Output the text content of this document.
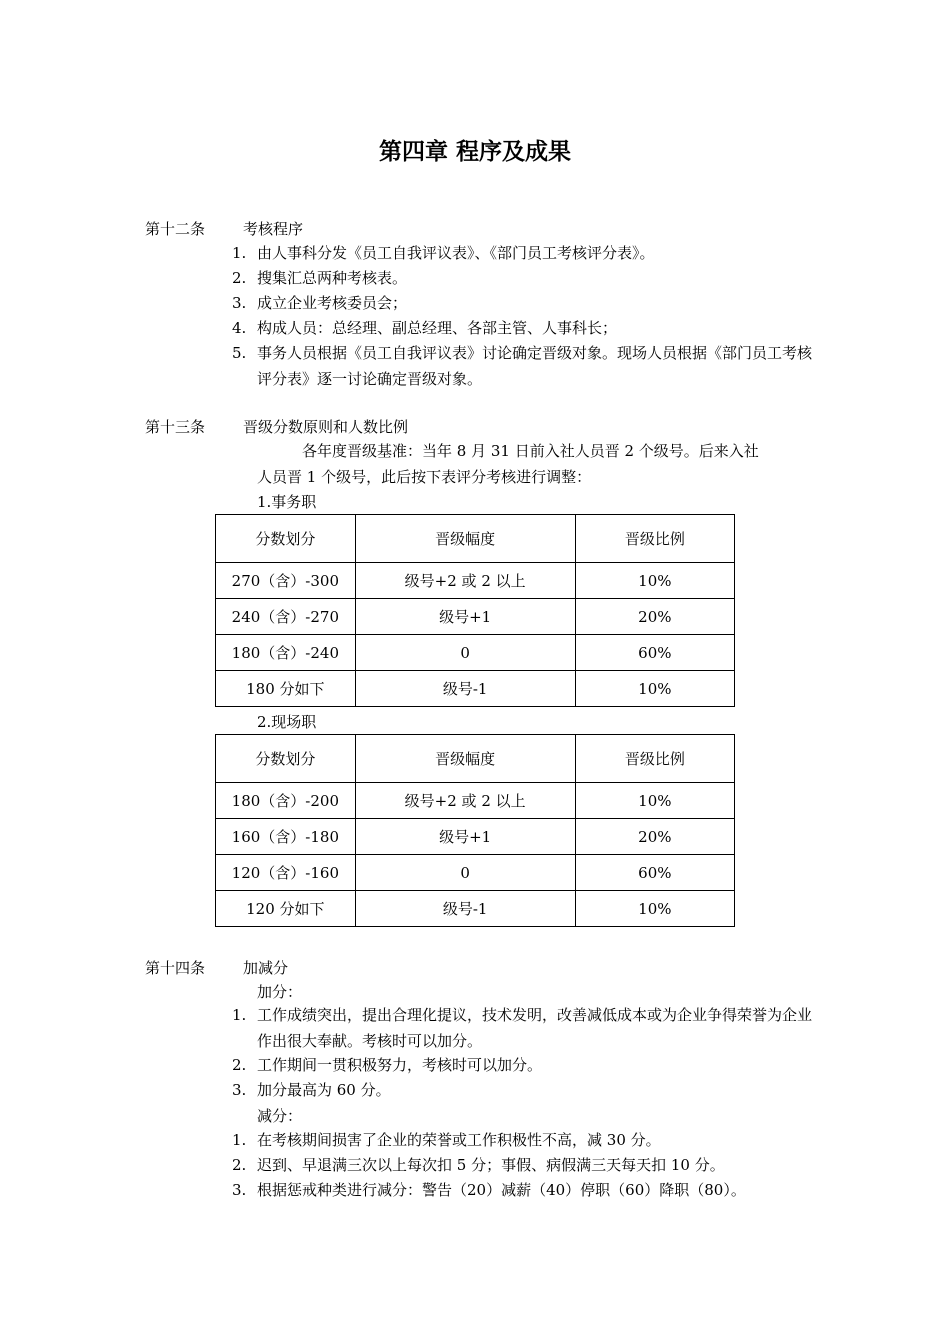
第四章 程序及成果
第十二条	考核程序
1. 由人事科分发《员工自我评议表》、《部门员工考核评分表》。
2. 搜集汇总两种考核表。
3. 成立企业考核委员会；
4. 构成人员：总经理、副总经理、各部主管、人事科长；
5. 事务人员根据《员工自我评议表》讨论确定晋级对象。现场人员根据《部门员工考核评分表》逐一讨论确定晋级对象。
第十三条	晋级分数原则和人数比例
各年度晋级基准：当年 8 月 31 日前入社人员晋 2 个级号。后来入社
人员晋 1 个级号，此后按下表评分考核进行调整：
1.事务职
分数划分	晋级幅度	晋级比例
270（含）-300	级号+2 或 2 以上	10%
240（含）-270	级号+1	20%
180（含）-240	0	60%
180 分如下	级号-1	10%
2.现场职
分数划分	晋级幅度	晋级比例
180（含）-200	级号+2 或 2 以上	10%
160（含）-180	级号+1	20%
120（含）-160	0	60%
120 分如下	级号-1	10%
第十四条	加减分
加分：
1. 工作成绩突出，提出合理化提议，技术发明，改善减低成本或为企业争得荣誉为企业作出很大奉献。考核时可以加分。
2. 工作期间一贯积极努力，考核时可以加分。
3. 加分最高为 60 分。
减分：
1. 在考核期间损害了企业的荣誉或工作积极性不高，减 30 分。
2. 迟到、早退满三次以上每次扣 5 分；事假、病假满三天每天扣 10 分。
3. 根据惩戒种类进行减分：警告（20）减薪（40）停职（60）降职（80）。
